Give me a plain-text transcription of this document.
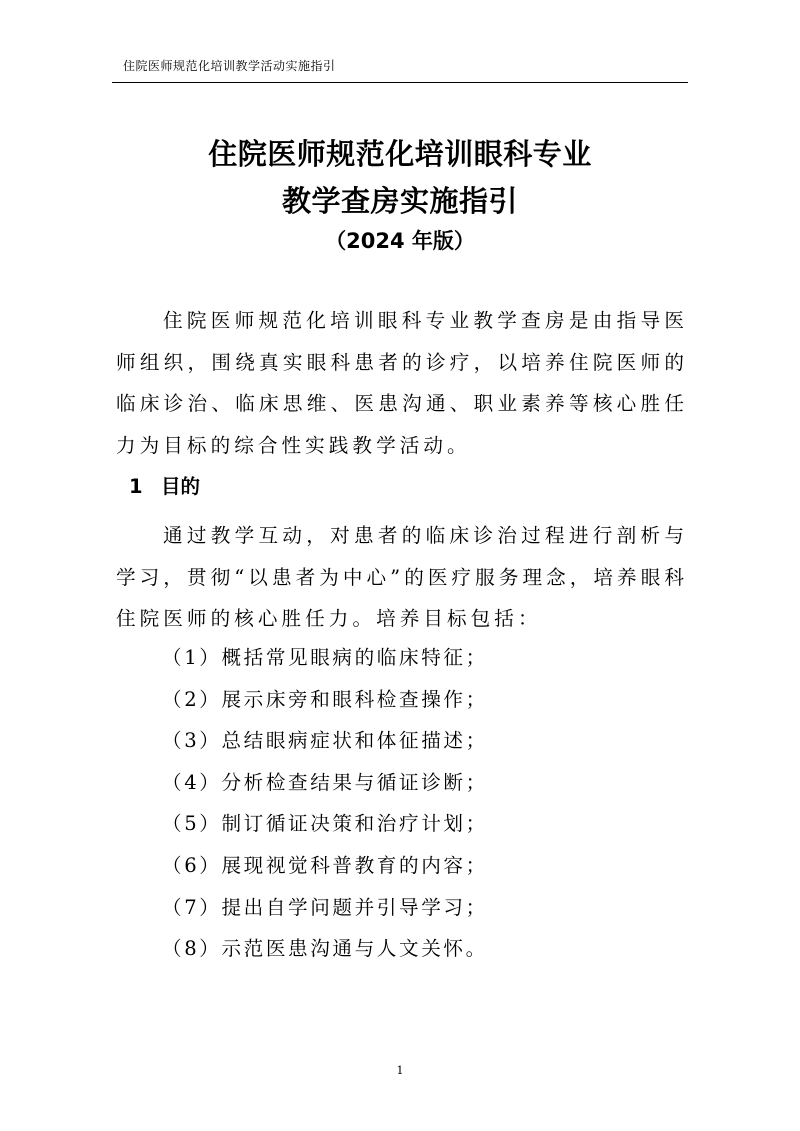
住院医师规范化培训教学活动实施指引
住院医师规范化培训眼科专业
教学查房实施指引
（2024 年版）

住院医师规范化培训眼科专业教学查房是由指导医师组织，围绕真实眼科患者的诊疗，以培养住院医师的临床诊治、临床思维、医患沟通、职业素养等核心胜任力为目标的综合性实践教学活动。

1 目的

通过教学互动，对患者的临床诊治过程进行剖析与学习，贯彻“以患者为中心”的医疗服务理念，培养眼科住院医师的核心胜任力。培养目标包括：

（1）概括常见眼病的临床特征；
（2）展示床旁和眼科检查操作；
（3）总结眼病症状和体征描述；
（4）分析检查结果与循证诊断；
（5）制订循证决策和治疗计划；
（6）展现视觉科普教育的内容；
（7）提出自学问题并引导学习；
（8）示范医患沟通与人文关怀。
1
